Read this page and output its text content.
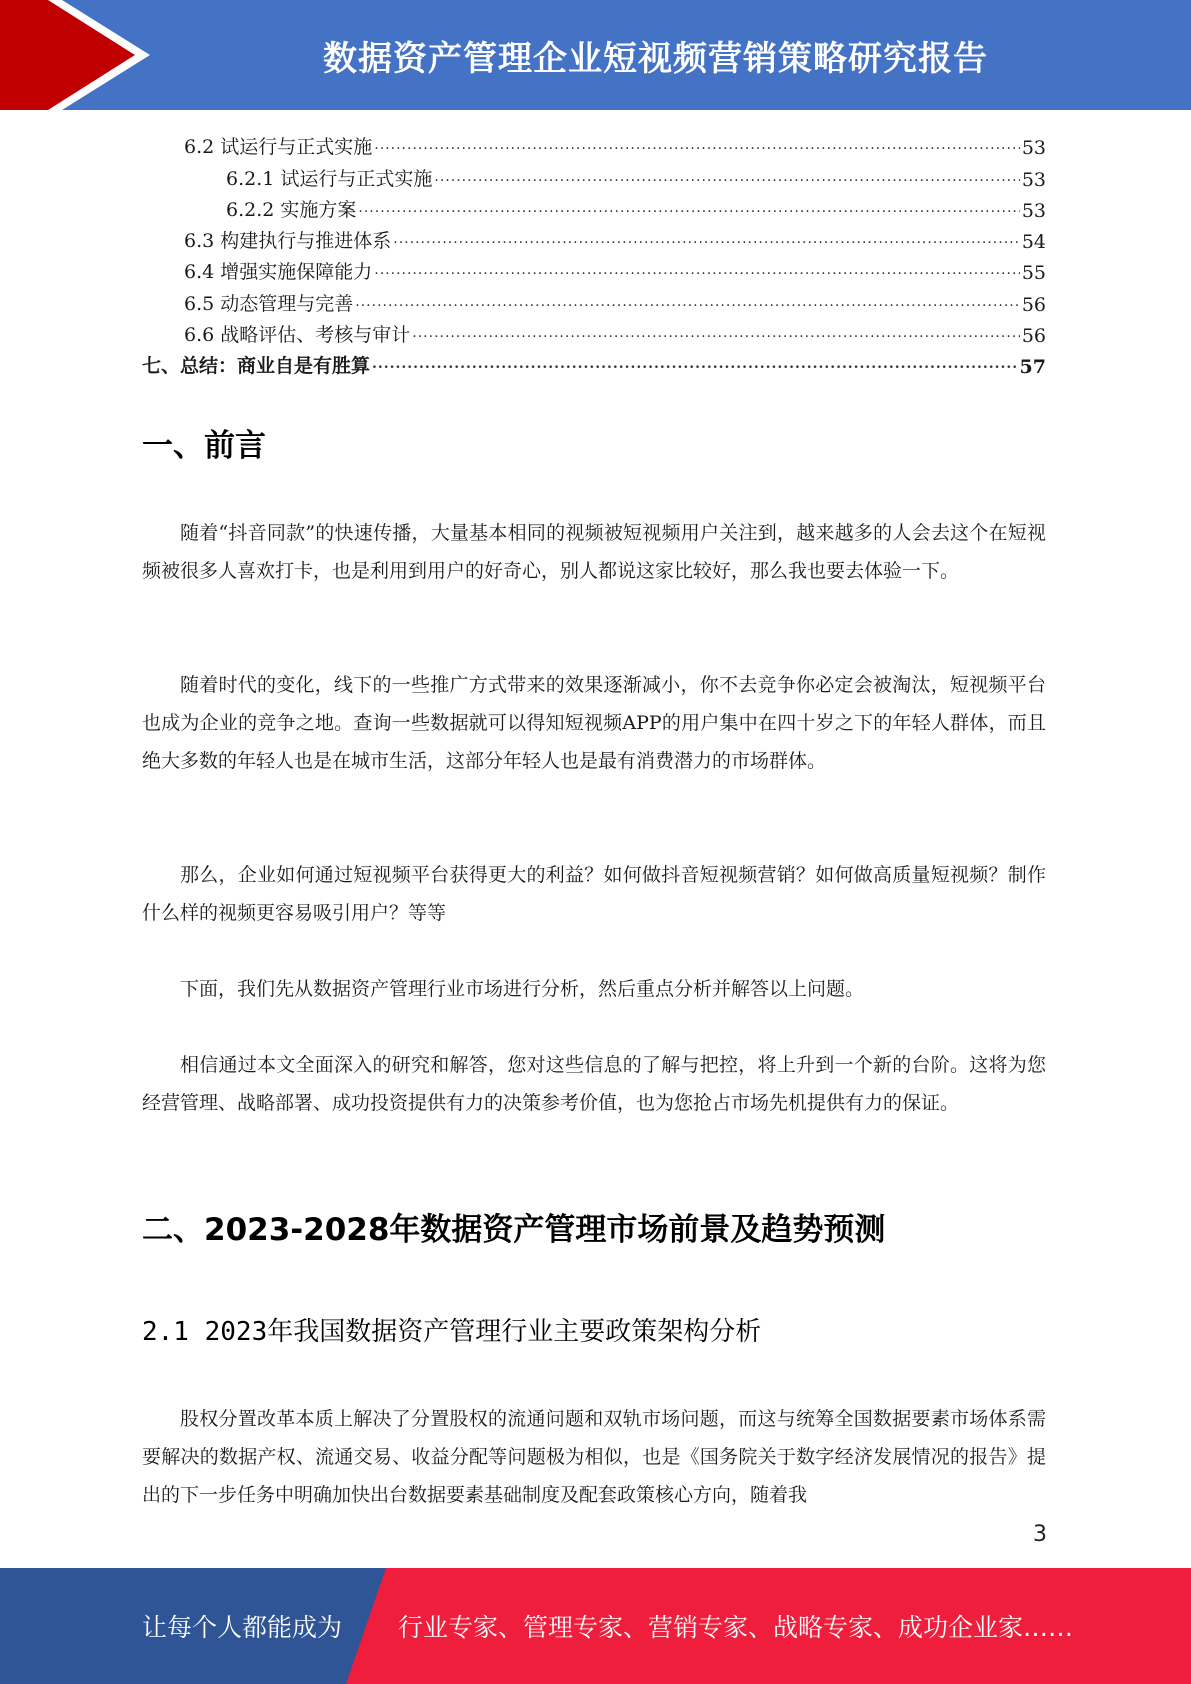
数据资产管理企业短视频营销策略研究报告
6.2 试运行与正式实施 .....	53
6.2.1 试运行与正式实施 .....	53
6.2.2 实施方案 .....	53
6.3 构建执行与推进体系 .....	54
6.4 增强实施保障能力 .....	55
6.5 动态管理与完善 .....	56
6.6 战略评估、考核与审计 .....	56
七、总结：商业自是有胜算 .....	57
一、前言

随着“抖音同款”的快速传播，大量基本相同的视频被短视频用户关注到，越来越多的人会去这个在短视频被很多人喜欢打卡，也是利用到用户的好奇心，别人都说这家比较好，那么我也要去体验一下。

随着时代的变化，线下的一些推广方式带来的效果逐渐减小，你不去竞争你必定会被淘汰，短视频平台也成为企业的竞争之地。查询一些数据就可以得知短视频APP的用户集中在四十岁之下的年轻人群体，而且绝大多数的年轻人也是在城市生活，这部分年轻人也是最有消费潜力的市场群体。

那么，企业如何通过短视频平台获得更大的利益？如何做抖音短视频营销？如何做高质量短视频？制作什么样的视频更容易吸引用户？等等

下面，我们先从数据资产管理行业市场进行分析，然后重点分析并解答以上问题。

相信通过本文全面深入的研究和解答，您对这些信息的了解与把控，将上升到一个新的台阶。这将为您经营管理、战略部署、成功投资提供有力的决策参考价值，也为您抢占市场先机提供有力的保证。

二、2023-2028年数据资产管理市场前景及趋势预测
2.1 2023年我国数据资产管理行业主要政策架构分析

股权分置改革本质上解决了分置股权的流通问题和双轨市场问题，而这与统筹全国数据要素市场体系需要解决的数据产权、流通交易、收益分配等问题极为相似，也是《国务院关于数字经济发展情况的报告》提出的下一步任务中明确加快出台数据要素基础制度及配套政策核心方向，随着我

3
让每个人都能成为 行业专家、管理专家、营销专家、战略专家、成功企业家……
